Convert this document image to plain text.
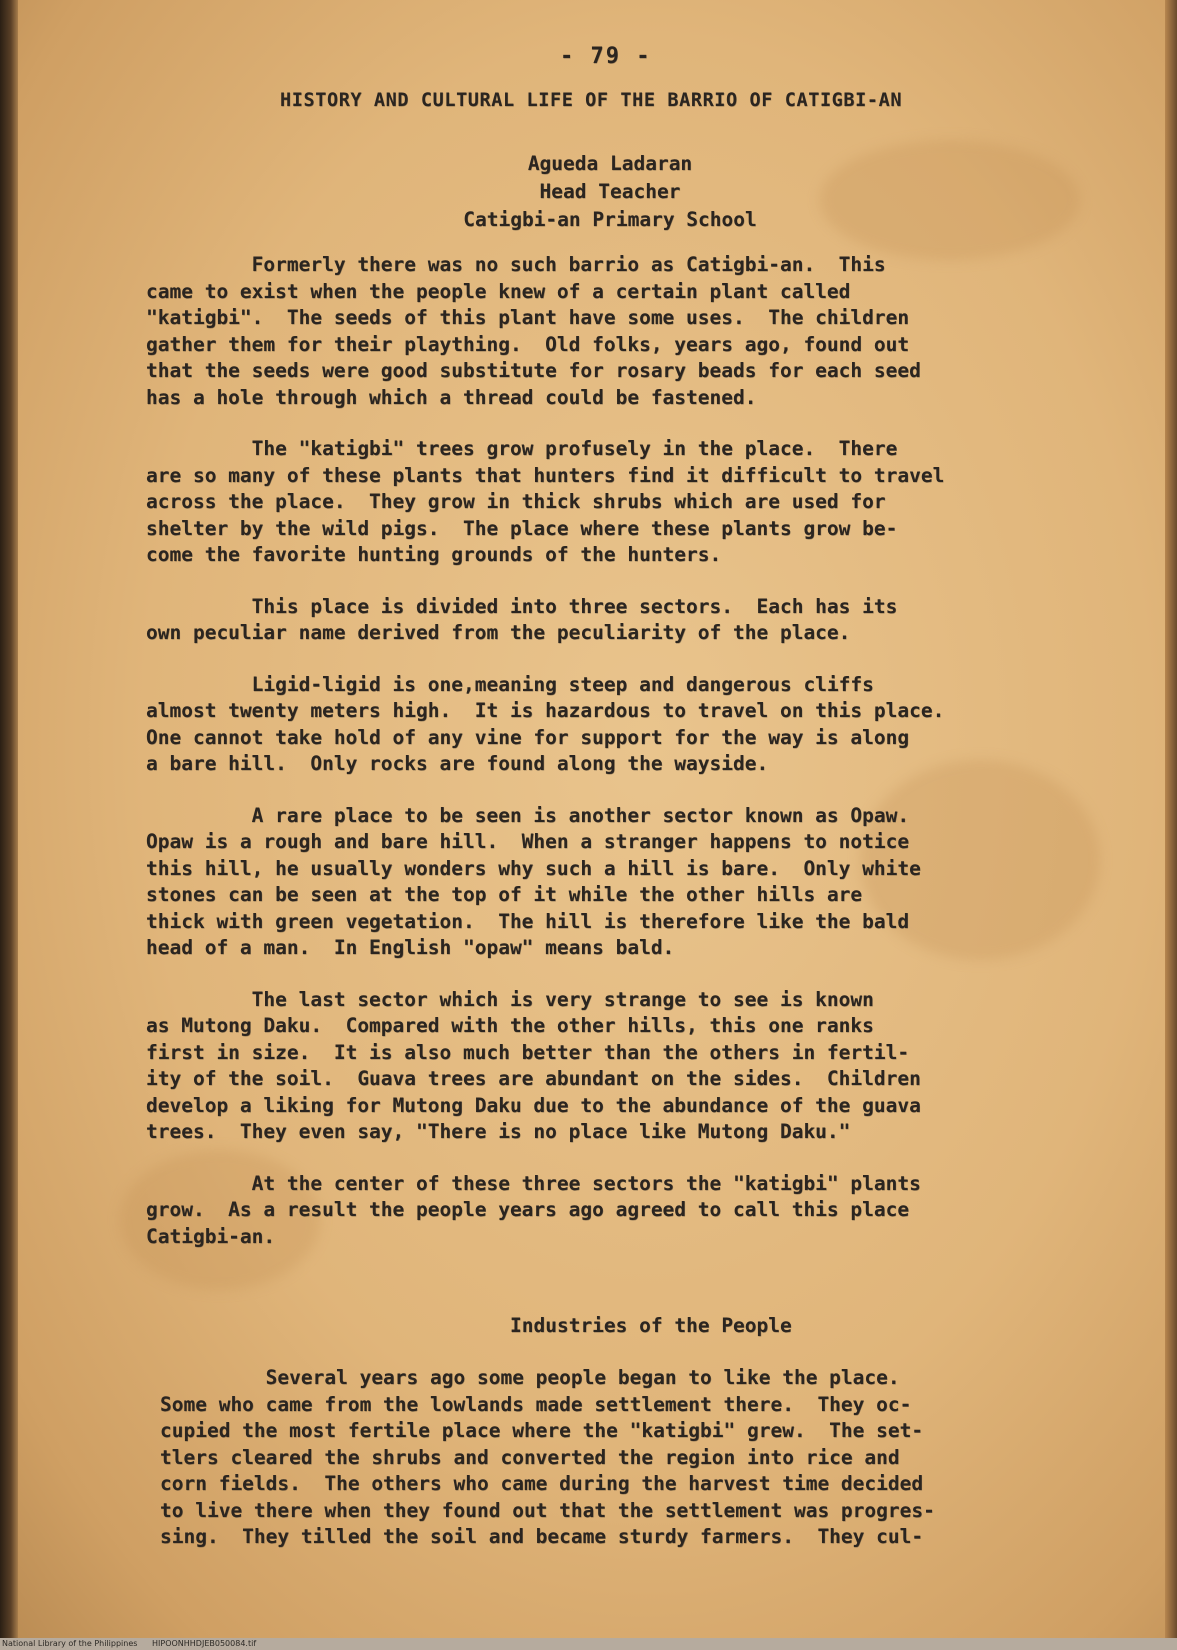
- 79 -
HISTORY AND CULTURAL LIFE OF THE BARRIO OF CATIGBI-AN
Agueda Ladaran
Head Teacher
Catigbi-an Primary School
Formerly there was no such barrio as Catigbi-an.  This
came to exist when the people knew of a certain plant called
"katigbi".  The seeds of this plant have some uses.  The children
gather them for their plaything.  Old folks, years ago, found out
that the seeds were good substitute for rosary beads for each seed
has a hole through which a thread could be fastened.
The "katigbi" trees grow profusely in the place.  There
are so many of these plants that hunters find it difficult to travel
across the place.  They grow in thick shrubs which are used for
shelter by the wild pigs.  The place where these plants grow be-
come the favorite hunting grounds of the hunters.
This place is divided into three sectors.  Each has its
own peculiar name derived from the peculiarity of the place.
Ligid-ligid is one,meaning steep and dangerous cliffs
almost twenty meters high.  It is hazardous to travel on this place.
One cannot take hold of any vine for support for the way is along
a bare hill.  Only rocks are found along the wayside.
A rare place to be seen is another sector known as Opaw.
Opaw is a rough and bare hill.  When a stranger happens to notice
this hill, he usually wonders why such a hill is bare.  Only white
stones can be seen at the top of it while the other hills are
thick with green vegetation.  The hill is therefore like the bald
head of a man.  In English "opaw" means bald.
The last sector which is very strange to see is known
as Mutong Daku.  Compared with the other hills, this one ranks
first in size.  It is also much better than the others in fertil-
ity of the soil.  Guava trees are abundant on the sides.  Children
develop a liking for Mutong Daku due to the abundance of the guava
trees.  They even say, "There is no place like Mutong Daku."
At the center of these three sectors the "katigbi" plants
grow.  As a result the people years ago agreed to call this place
Catigbi-an.
Industries of the People
Several years ago some people began to like the place.
Some who came from the lowlands made settlement there.  They oc-
cupied the most fertile place where the "katigbi" grew.  The set-
tlers cleared the shrubs and converted the region into rice and
corn fields.  The others who came during the harvest time decided
to live there when they found out that the settlement was progres-
sing.  They tilled the soil and became sturdy farmers.  They cul-
National Library of the Philippines HIPOONHHDJEB050084.tif
